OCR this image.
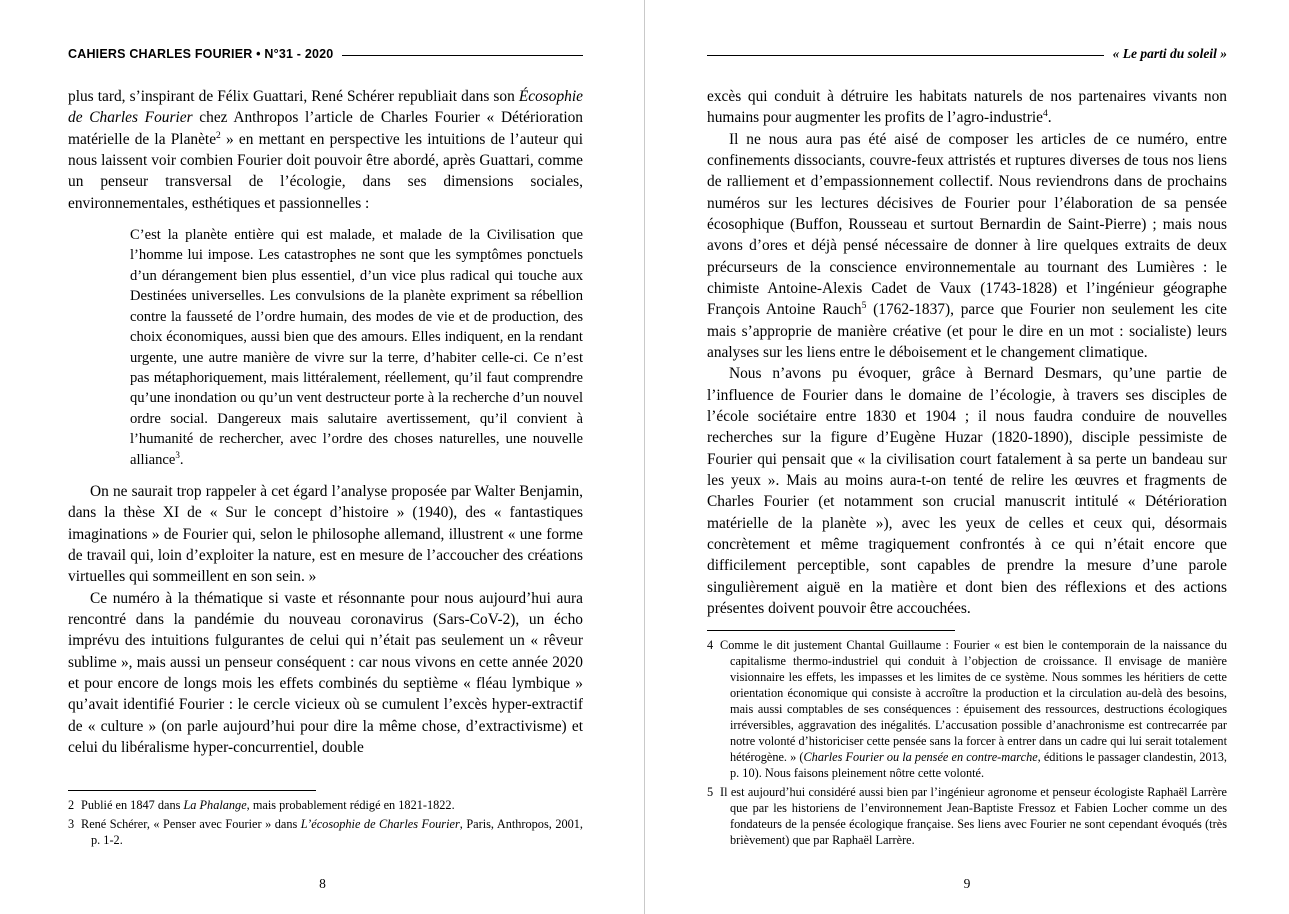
CAHIERS CHARLES FOURIER • N°31 - 2020

plus tard, s’inspirant de Félix Guattari, René Schérer republiait dans son Écosophie de Charles Fourier chez Anthropos l’article de Charles Fourier « Détérioration matérielle de la Planète$^2$ » en mettant en perspective les intuitions de l’auteur qui nous laissent voir combien Fourier doit pouvoir être abordé, après Guattari, comme un penseur transversal de l’écologie, dans ses dimensions sociales, environnementales, esthétiques et passionnelles :

C’est la planète entière qui est malade, et malade de la Civilisation que l’homme lui impose. Les catastrophes ne sont que les symptômes ponctuels d’un dérangement bien plus essentiel, d’un vice plus radical qui touche aux Destinées universelles. Les convulsions de la planète expriment sa rébellion contre la fausseté de l’ordre humain, des modes de vie et de production, des choix économiques, aussi bien que des amours. Elles indiquent, en la rendant urgente, une autre manière de vivre sur la terre, d’habiter celle-ci. Ce n’est pas métaphoriquement, mais littéralement, réellement, qu’il faut comprendre qu’une inondation ou qu’un vent destructeur porte à la recherche d’un nouvel ordre social. Dangereux mais salutaire avertissement, qu’il convient à l’humanité de rechercher, avec l’ordre des choses naturelles, une nouvelle alliance$^3$.

On ne saurait trop rappeler à cet égard l’analyse proposée par Walter Benjamin, dans la thèse XI de « Sur le concept d’histoire » (1940), des « fantastiques imaginations » de Fourier qui, selon le philosophe allemand, illustrent « une forme de travail qui, loin d’exploiter la nature, est en mesure de l’accoucher des créations virtuelles qui sommeillent en son sein. »

Ce numéro à la thématique si vaste et résonnante pour nous aujourd’hui aura rencontré dans la pandémie du nouveau coronavirus (Sars-CoV-2), un écho imprévu des intuitions fulgurantes de celui qui n’était pas seulement un « rêveur sublime », mais aussi un penseur conséquent : car nous vivons en cette année 2020 et pour encore de longs mois les effets combinés du septième « fléau lymbique » qu’avait identifié Fourier : le cercle vicieux où se cumulent l’excès hyper-extractif de « culture » (on parle aujourd’hui pour dire la même chose, d’extractivisme) et celui du libéralisme hyper-concurrentiel, double

2 Publié en 1847 dans La Phalange, mais probablement rédigé en 1821-1822.
3 René Schérer, « Penser avec Fourier » dans L’écosophie de Charles Fourier, Paris, Anthropos, 2001, p. 1-2.
8
« Le parti du soleil »

excès qui conduit à détruire les habitats naturels de nos partenaires vivants non humains pour augmenter les profits de l’agro-industrie$^4$.

Il ne nous aura pas été aisé de composer les articles de ce numéro, entre confinements dissociants, couvre-feux attristés et ruptures diverses de tous nos liens de ralliement et d’empassionnement collectif. Nous reviendrons dans de prochains numéros sur les lectures décisives de Fourier pour l’élaboration de sa pensée écosophique (Buffon, Rousseau et surtout Bernardin de Saint-Pierre) ; mais nous avons d’ores et déjà pensé nécessaire de donner à lire quelques extraits de deux précurseurs de la conscience environnementale au tournant des Lumières : le chimiste Antoine-Alexis Cadet de Vaux (1743-1828) et l’ingénieur géographe François Antoine Rauch$^5$ (1762-1837), parce que Fourier non seulement les cite mais s’approprie de manière créative (et pour le dire en un mot : socialiste) leurs analyses sur les liens entre le déboisement et le changement climatique.

Nous n’avons pu évoquer, grâce à Bernard Desmars, qu’une partie de l’influence de Fourier dans le domaine de l’écologie, à travers ses disciples de l’école sociétaire entre 1830 et 1904 ; il nous faudra conduire de nouvelles recherches sur la figure d’Eugène Huzar (1820-1890), disciple pessimiste de Fourier qui pensait que « la civilisation court fatalement à sa perte un bandeau sur les yeux ». Mais au moins aura-t-on tenté de relire les œuvres et fragments de Charles Fourier (et notamment son crucial manuscrit intitulé « Détérioration matérielle de la planète »), avec les yeux de celles et ceux qui, désormais concrètement et même tragiquement confrontés à ce qui n’était encore que difficilement perceptible, sont capables de prendre la mesure d’une parole singulièrement aiguë en la matière et dont bien des réflexions et des actions présentes doivent pouvoir être accouchées.

4 Comme le dit justement Chantal Guillaume : Fourier « est bien le contemporain de la naissance du capitalisme thermo-industriel qui conduit à l’objection de croissance. Il envisage de manière visionnaire les effets, les impasses et les limites de ce système. Nous sommes les héritiers de cette orientation économique qui consiste à accroître la production et la circulation au-delà des besoins, mais aussi comptables de ses conséquences : épuisement des ressources, destructions écologiques irréversibles, aggravation des inégalités. L’accusation possible d’anachronisme est contrecarrée par notre volonté d’historiciser cette pensée sans la forcer à entrer dans un cadre qui lui serait totalement hétérogène. » (Charles Fourier ou la pensée en contre-marche, éditions le passager clandestin, 2013, p. 10). Nous faisons pleinement nôtre cette volonté.
5 Il est aujourd’hui considéré aussi bien par l’ingénieur agronome et penseur écologiste Raphaël Larrère que par les historiens de l’environnement Jean-Baptiste Fressoz et Fabien Locher comme un des fondateurs de la pensée écologique française. Ses liens avec Fourier ne sont cependant évoqués (très brièvement) que par Raphaël Larrère.
9
